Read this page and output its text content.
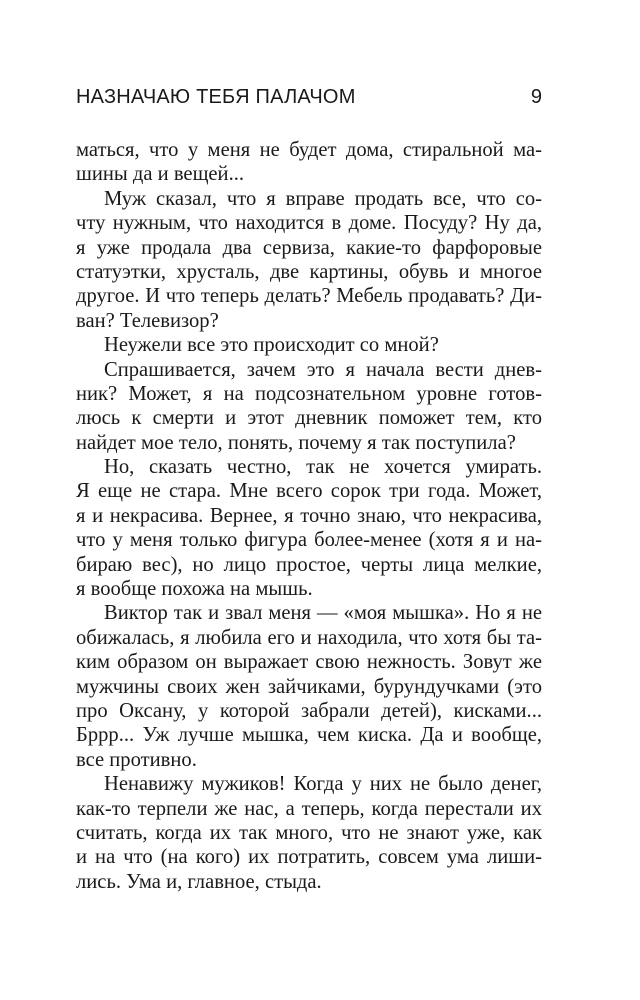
НАЗНАЧАЮ ТЕБЯ ПАЛАЧОМ	9

маться, что у меня не будет дома, стиральной ма-
шины да и вещей...

Муж сказал, что я вправе продать все, что со-
чту нужным, что находится в доме. Посуду? Ну да,
я уже продала два сервиза, какие-то фарфоровые
статуэтки, хрусталь, две картины, обувь и многое
другое. И что теперь делать? Мебель продавать? Ди-
ван? Телевизор?

Неужели все это происходит со мной?

Спрашивается, зачем это я начала вести днев-
ник? Может, я на подсознательном уровне готов-
люсь к смерти и этот дневник поможет тем, кто
найдет мое тело, понять, почему я так поступила?

Но, сказать честно, так не хочется умирать.
Я еще не стара. Мне всего сорок три года. Может,
я и некрасива. Вернее, я точно знаю, что некрасива,
что у меня только фигура более-менее (хотя я и на-
бираю вес), но лицо простое, черты лица мелкие,
я вообще похожа на мышь.

Виктор так и звал меня — «моя мышка». Но я не
обижалась, я любила его и находила, что хотя бы та-
ким образом он выражает свою нежность. Зовут же
мужчины своих жен зайчиками, бурундучками (это
про Оксану, у которой забрали детей), кисками...
Бррр... Уж лучше мышка, чем киска. Да и вообще,
все противно.

Ненавижу мужиков! Когда у них не было денег,
как-то терпели же нас, а теперь, когда перестали их
считать, когда их так много, что не знают уже, как
и на что (на кого) их потратить, совсем ума лиши-
лись. Ума и, главное, стыда.
